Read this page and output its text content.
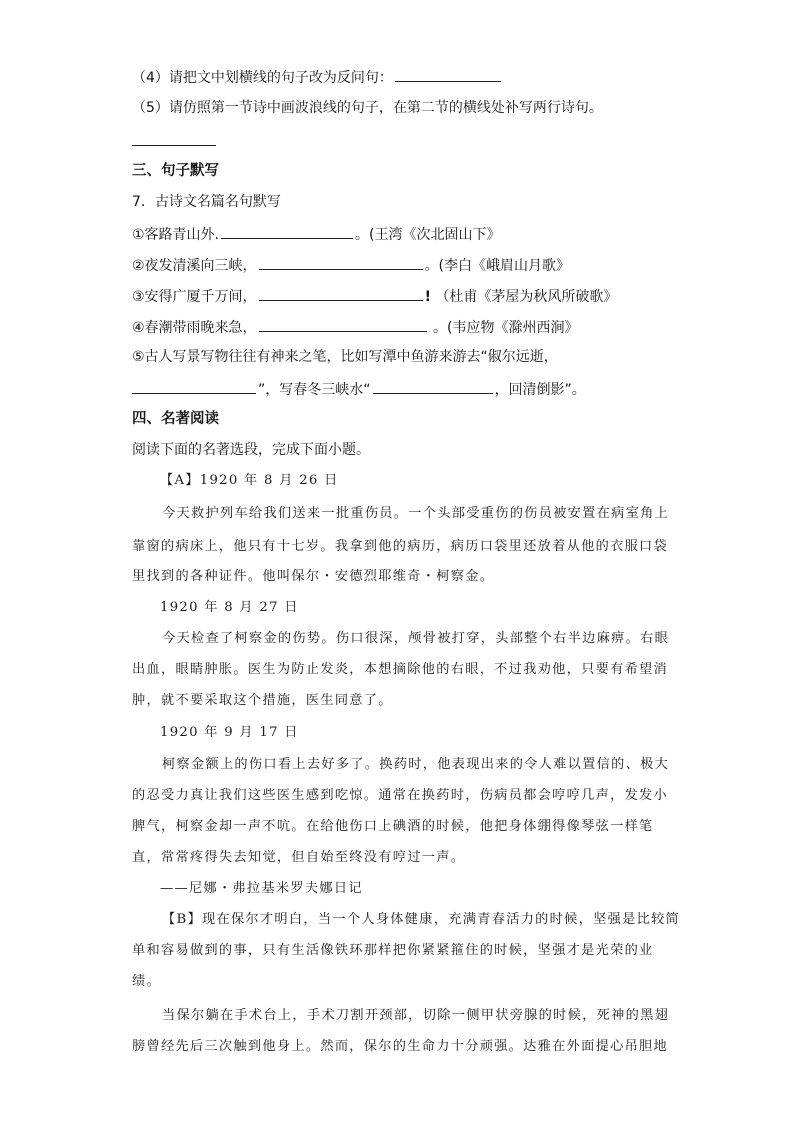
（4）请把文中划横线的句子改为反问句：
（5）请仿照第一节诗中画波浪线的句子，在第二节的横线处补写两行诗句。
三、句子默写
7．古诗文名篇名句默写
①客路青山外.	。(王湾《次北固山下》
②夜发清溪向三峡，	。(李白《峨眉山月歌》
③安得广厦千万间，	! （杜甫《茅屋为秋风所破歌》
④春潮带雨晚来急，	。(韦应物《滁州西涧》
⑤古人写景写物往往有神来之笔，比如写潭中鱼游来游去“俶尔远逝，
”，写春冬三峡水“	，回清倒影”。
四、名著阅读
阅读下面的名著选段，完成下面小题。
【A】1920 年 8 月 26 日
今天救护列车给我们送来一批重伤员。一个头部受重伤的伤员被安置在病室角上
靠窗的病床上，他只有十七岁。我拿到他的病历，病历口袋里还放着从他的衣服口袋
里找到的各种证件。他叫保尔・安德烈耶维奇・柯察金。
1920 年 8 月 27 日
今天检查了柯察金的伤势。伤口很深，颅骨被打穿，头部整个右半边麻痹。右眼
出血，眼睛肿胀。医生为防止发炎，本想摘除他的右眼，不过我劝他，只要有希望消
肿，就不要采取这个措施，医生同意了。
1920 年 9 月 17 日
柯察金额上的伤口看上去好多了。换药时，他表现出来的令人难以置信的、极大
的忍受力真让我们这些医生感到吃惊。通常在换药时，伤病员都会哼哼几声，发发小
脾气，柯察金却一声不吭。在给他伤口上碘酒的时候，他把身体绷得像琴弦一样笔
直，常常疼得失去知觉，但自始至终没有哼过一声。
——尼娜・弗拉基米罗夫娜日记
【B】现在保尔才明白，当一个人身体健康，充满青春活力的时候，坚强是比较简
单和容易做到的事，只有生活像铁环那样把你紧紧箍住的时候，坚强才是光荣的业
绩。
当保尔躺在手术台上，手术刀割开颈部，切除一侧甲状旁腺的时候，死神的黑翅
膀曾经先后三次触到他身上。然而，保尔的生命力十分顽强。达雅在外面提心吊胆地
